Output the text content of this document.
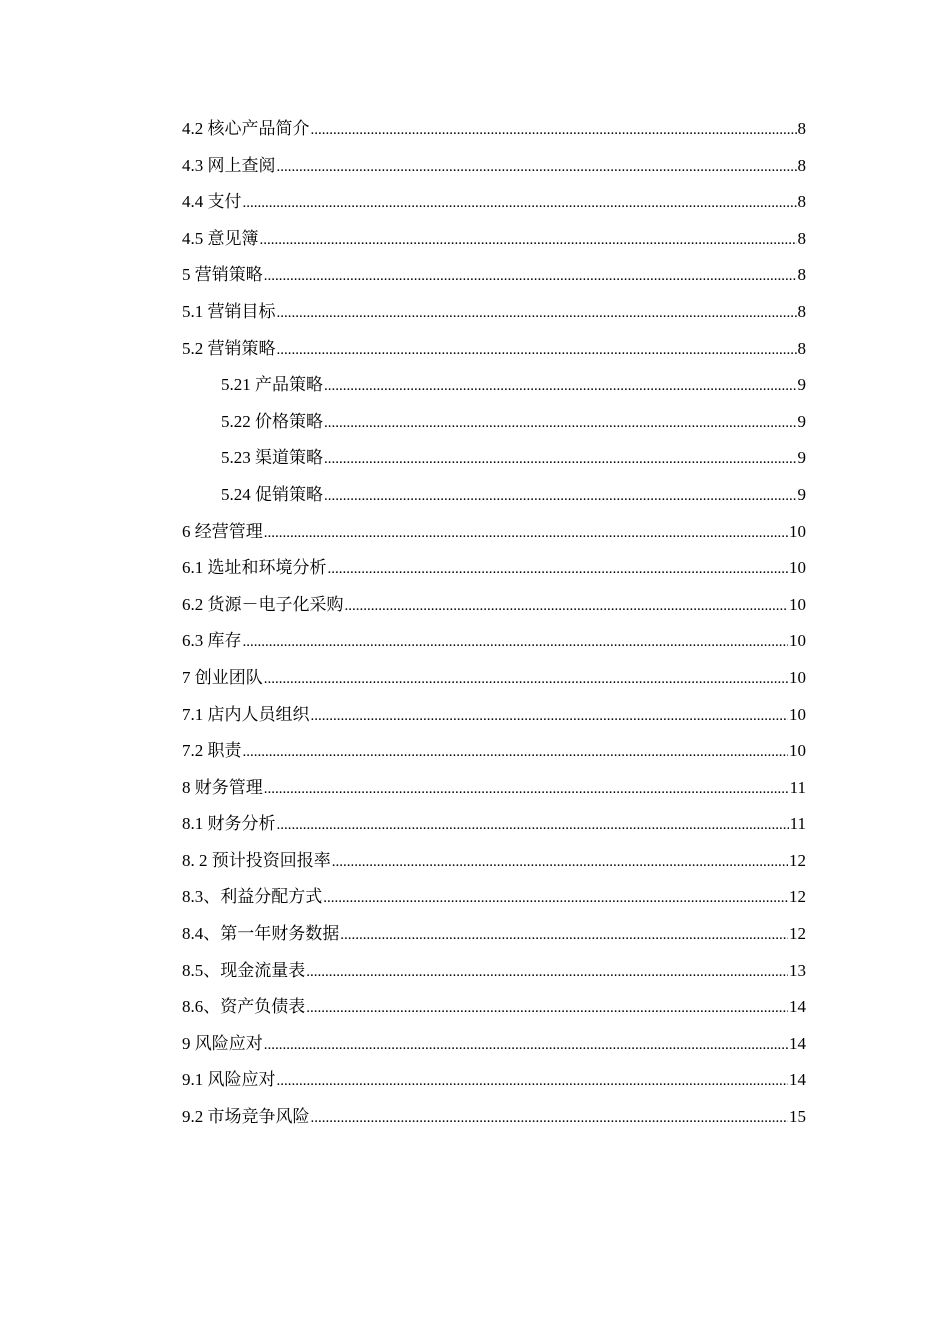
4.2 核心产品简介 .....	8
4.3 网上查阅 .....	8
4.4 支付 .....	8
4.5 意见簿 .....	8
5 营销策略 .....	8
5.1 营销目标 .....	8
5.2 营销策略 .....	8
5.21 产品策略 .....	9
5.22 价格策略 .....	9
5.23 渠道策略 .....	9
5.24 促销策略 .....	9
6 经营管理 .....	10
6.1 选址和环境分析 .....	10
6.2 货源－电子化采购 .....	10
6.3 库存 .....	10
7 创业团队 .....	10
7.1 店内人员组织 .....	10
7.2 职责 .....	10
8 财务管理 .....	11
8.1 财务分析 .....	11
8. 2 预计投资回报率 .....	12
8.3、利益分配方式 .....	12
8.4、第一年财务数据 .....	12
8.5、现金流量表 .....	13
8.6、资产负债表 .....	14
9 风险应对 .....	14
9.1 风险应对 .....	14
9.2 市场竞争风险 .....	15
